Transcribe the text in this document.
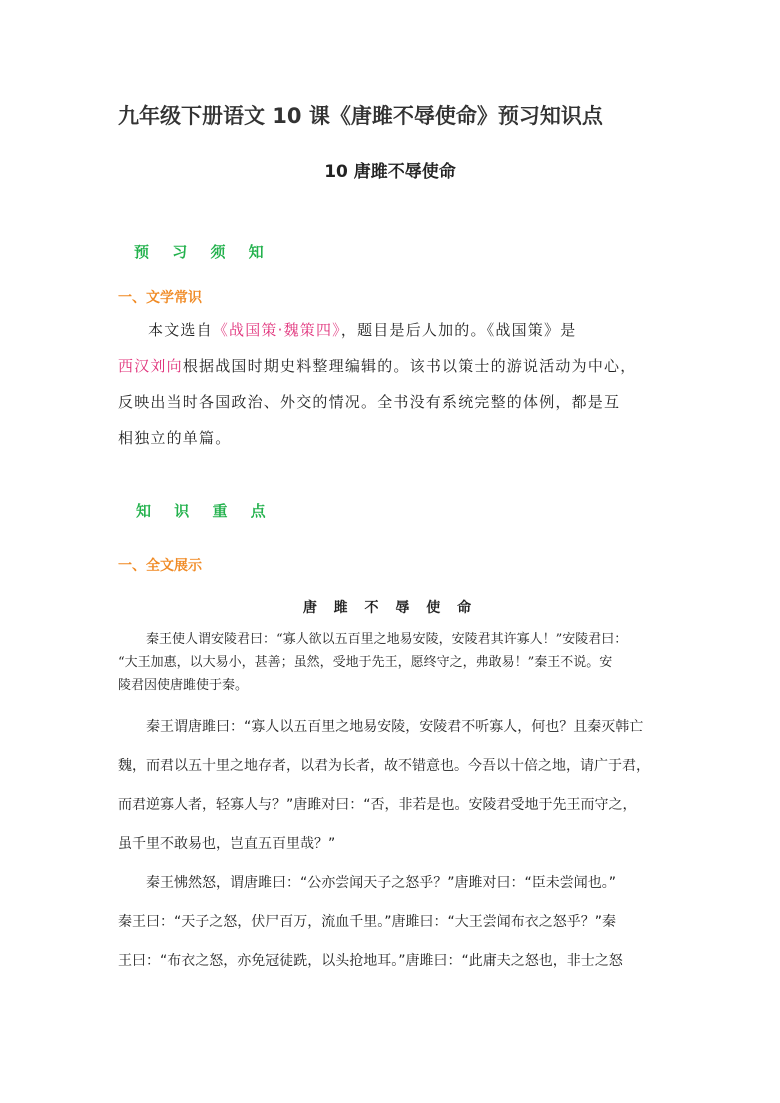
九年级下册语文 10 课《唐雎不辱使命》预习知识点
10 唐雎不辱使命
预 习 须 知
一、文学常识
本文选自《战国策·魏策四》，题目是后人加的。《战国策》是
西汉刘向根据战国时期史料整理编辑的。该书以策士的游说活动为中心，
反映出当时各国政治、外交的情况。全书没有系统完整的体例，都是互
相独立的单篇。
知 识 重 点
一、全文展示
唐 雎 不 辱 使 命
秦王使人谓安陵君曰：“寡人欲以五百里之地易安陵，安陵君其许寡人！”安陵君曰：
“大王加惠，以大易小，甚善；虽然，受地于先王，愿终守之，弗敢易！”秦王不说。安
陵君因使唐雎使于秦。
秦王谓唐雎曰：“寡人以五百里之地易安陵，安陵君不听寡人，何也？且秦灭韩亡
魏，而君以五十里之地存者，以君为长者，故不错意也。今吾以十倍之地，请广于君，
而君逆寡人者，轻寡人与？”唐雎对曰：“否，非若是也。安陵君受地于先王而守之，
虽千里不敢易也，岂直五百里哉？”
秦王怫然怒，谓唐雎曰：“公亦尝闻天子之怒乎？”唐雎对曰：“臣未尝闻也。”
秦王曰：“天子之怒，伏尸百万，流血千里。”唐雎曰：“大王尝闻布衣之怒乎？”秦
王曰：“布衣之怒，亦免冠徒跣，以头抢地耳。”唐雎曰：“此庸夫之怒也，非士之怒
